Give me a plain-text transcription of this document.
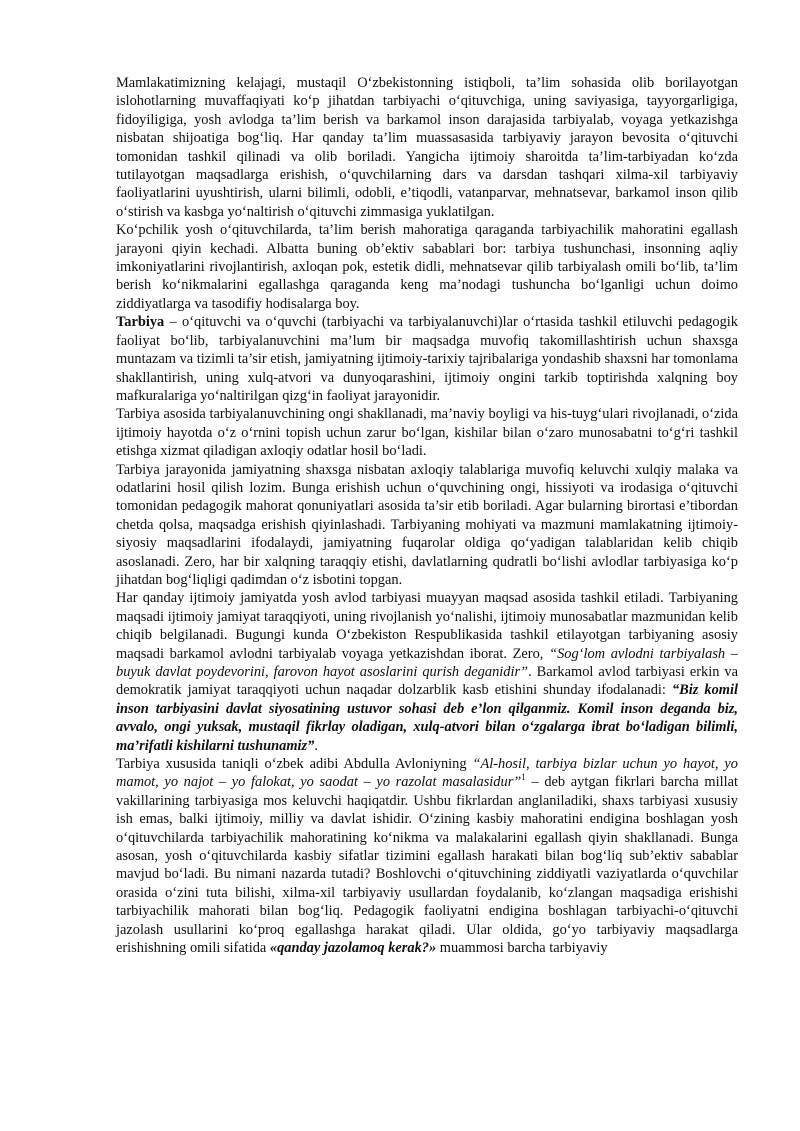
Mamlakatimizning kelajagi, mustaqil O‘zbekistonning istiqboli, ta’lim sohasida olib borilayotgan islohotlarning muvaffaqiyati ko‘p jihatdan tarbiyachi o‘qituvchiga, uning saviyasiga, tayyorgarligiga, fidoyiligiga, yosh avlodga ta’lim berish va barkamol inson darajasida tarbiyalab, voyaga yetkazishga nisbatan shijoatiga bog‘liq. Har qanday ta’lim muassasasida tarbiyaviy jarayon bevosita o‘qituvchi tomonidan tashkil qilinadi va olib boriladi. Yangicha ijtimoiy sharoitda ta’lim-tarbiyadan ko‘zda tutilayotgan maqsadlarga erishish, o‘quvchilarning dars va darsdan tashqari xilma-xil tarbiyaviy faoliyatlarini uyushtirish, ularni bilimli, odobli, e’tiqodli, vatanparvar, mehnatsevar, barkamol inson qilib o‘stirish va kasbga yo‘naltirish o‘qituvchi zimmasiga yuklatilgan.

Ko‘pchilik yosh o‘qituvchilarda, ta’lim berish mahoratiga qaraganda tarbiyachilik mahoratini egallash jarayoni qiyin kechadi. Albatta buning ob’ektiv sabablari bor: tarbiya tushunchasi, insonning aqliy imkoniyatlarini rivojlantirish, axloqan pok, estetik didli, mehnatsevar qilib tarbiyalash omili bo‘lib, ta’lim berish ko‘nikmalarini egallashga qaraganda keng ma’nodagi tushuncha bo‘lganligi uchun doimo ziddiyatlarga va tasodifiy hodisalarga boy.

Tarbiya – o‘qituvchi va o‘quvchi (tarbiyachi va tarbiyalanuvchi)lar o‘rtasida tashkil etiluvchi pedagogik faoliyat bo‘lib, tarbiyalanuvchini ma’lum bir maqsadga muvofiq takomillashtirish uchun shaxsga muntazam va tizimli ta’sir etish, jamiyatning ijtimoiy-tarixiy tajribalariga yondashib shaxsni har tomonlama shakllantirish, uning xulq-atvori va dunyoqarashini, ijtimoiy ongini tarkib toptirishda xalqning boy mafkuralariga yo‘naltirilgan qizg‘in faoliyat jarayonidir.

Tarbiya asosida tarbiyalanuvchining ongi shakllanadi, ma’naviy boyligi va his-tuyg‘ulari rivojlanadi, o‘zida ijtimoiy hayotda o‘z o‘rnini topish uchun zarur bo‘lgan, kishilar bilan o‘zaro munosabatni to‘g‘ri tashkil etishga xizmat qiladigan axloqiy odatlar hosil bo‘ladi.

Tarbiya jarayonida jamiyatning shaxsga nisbatan axloqiy talablariga muvofiq keluvchi xulqiy malaka va odatlarini hosil qilish lozim. Bunga erishish uchun o‘quvchining ongi, hissiyoti va irodasiga o‘qituvchi tomonidan pedagogik mahorat qonuniyatlari asosida ta’sir etib boriladi. Agar bularning birortasi e’tibordan chetda qolsa, maqsadga erishish qiyinlashadi. Tarbiyaning mohiyati va mazmuni mamlakatning ijtimoiy-siyosiy maqsadlarini ifodalaydi, jamiyatning fuqarolar oldiga qo‘yadigan talablaridan kelib chiqib asoslanadi. Zero, har bir xalqning taraqqiy etishi, davlatlarning qudratli bo‘lishi avlodlar tarbiyasiga ko‘p jihatdan bog‘liqligi qadimdan o‘z isbotini topgan.

Har qanday ijtimoiy jamiyatda yosh avlod tarbiyasi muayyan maqsad asosida tashkil etiladi. Tarbiyaning maqsadi ijtimoiy jamiyat taraqqiyoti, uning rivojlanish yo‘nalishi, ijtimoiy munosabatlar mazmunidan kelib chiqib belgilanadi. Bugungi kunda O‘zbekiston Respublikasida tashkil etilayotgan tarbiyaning asosiy maqsadi barkamol avlodni tarbiyalab voyaga yetkazishdan iborat. Zero, “Sog‘lom avlodni tarbiyalash – buyuk davlat poydevorini, farovon hayot asoslarini qurish deganidir”. Barkamol avlod tarbiyasi erkin va demokratik jamiyat taraqqiyoti uchun naqadar dolzarblik kasb etishini shunday ifodalanadi: “Biz komil inson tarbiyasini davlat siyosatining ustuvor sohasi deb e’lon qilganmiz. Komil inson deganda biz, avvalo, ongi yuksak, mustaqil fikrlay oladigan, xulq-atvori bilan o‘zgalarga ibrat bo‘ladigan bilimli, ma’rifatli kishilarni tushunamiz”.

Tarbiya xususida taniqli o‘zbek adibi Abdulla Avloniyning “Al-hosil, tarbiya bizlar uchun yo hayot, yo mamot, yo najot – yo falokat, yo saodat – yo razolat masalasidur”$^1$ – deb aytgan fikrlari barcha millat vakillarining tarbiyasiga mos keluvchi haqiqatdir. Ushbu fikrlardan anglaniladiki, shaxs tarbiyasi xususiy ish emas, balki ijtimoiy, milliy va davlat ishidir. O‘zining kasbiy mahoratini endigina boshlagan yosh o‘qituvchilarda tarbiyachilik mahoratining ko‘nikma va malakalarini egallash qiyin shakllanadi. Bunga asosan, yosh o‘qituvchilarda kasbiy sifatlar tizimini egallash harakati bilan bog‘liq sub’ektiv sabablar mavjud bo‘ladi. Bu nimani nazarda tutadi? Boshlovchi o‘qituvchining ziddiyatli vaziyatlarda o‘quvchilar orasida o‘zini tuta bilishi, xilma-xil tarbiyaviy usullardan foydalanib, ko‘zlangan maqsadiga erishishi tarbiyachilik mahorati bilan bog‘liq. Pedagogik faoliyatni endigina boshlagan tarbiyachi-o‘qituvchi jazolash usullarini ko‘proq egallashga harakat qiladi. Ular oldida, go‘yo tarbiyaviy maqsadlarga erishishning omili sifatida «qanday jazolamoq kerak?» muammosi barcha tarbiyaviy
